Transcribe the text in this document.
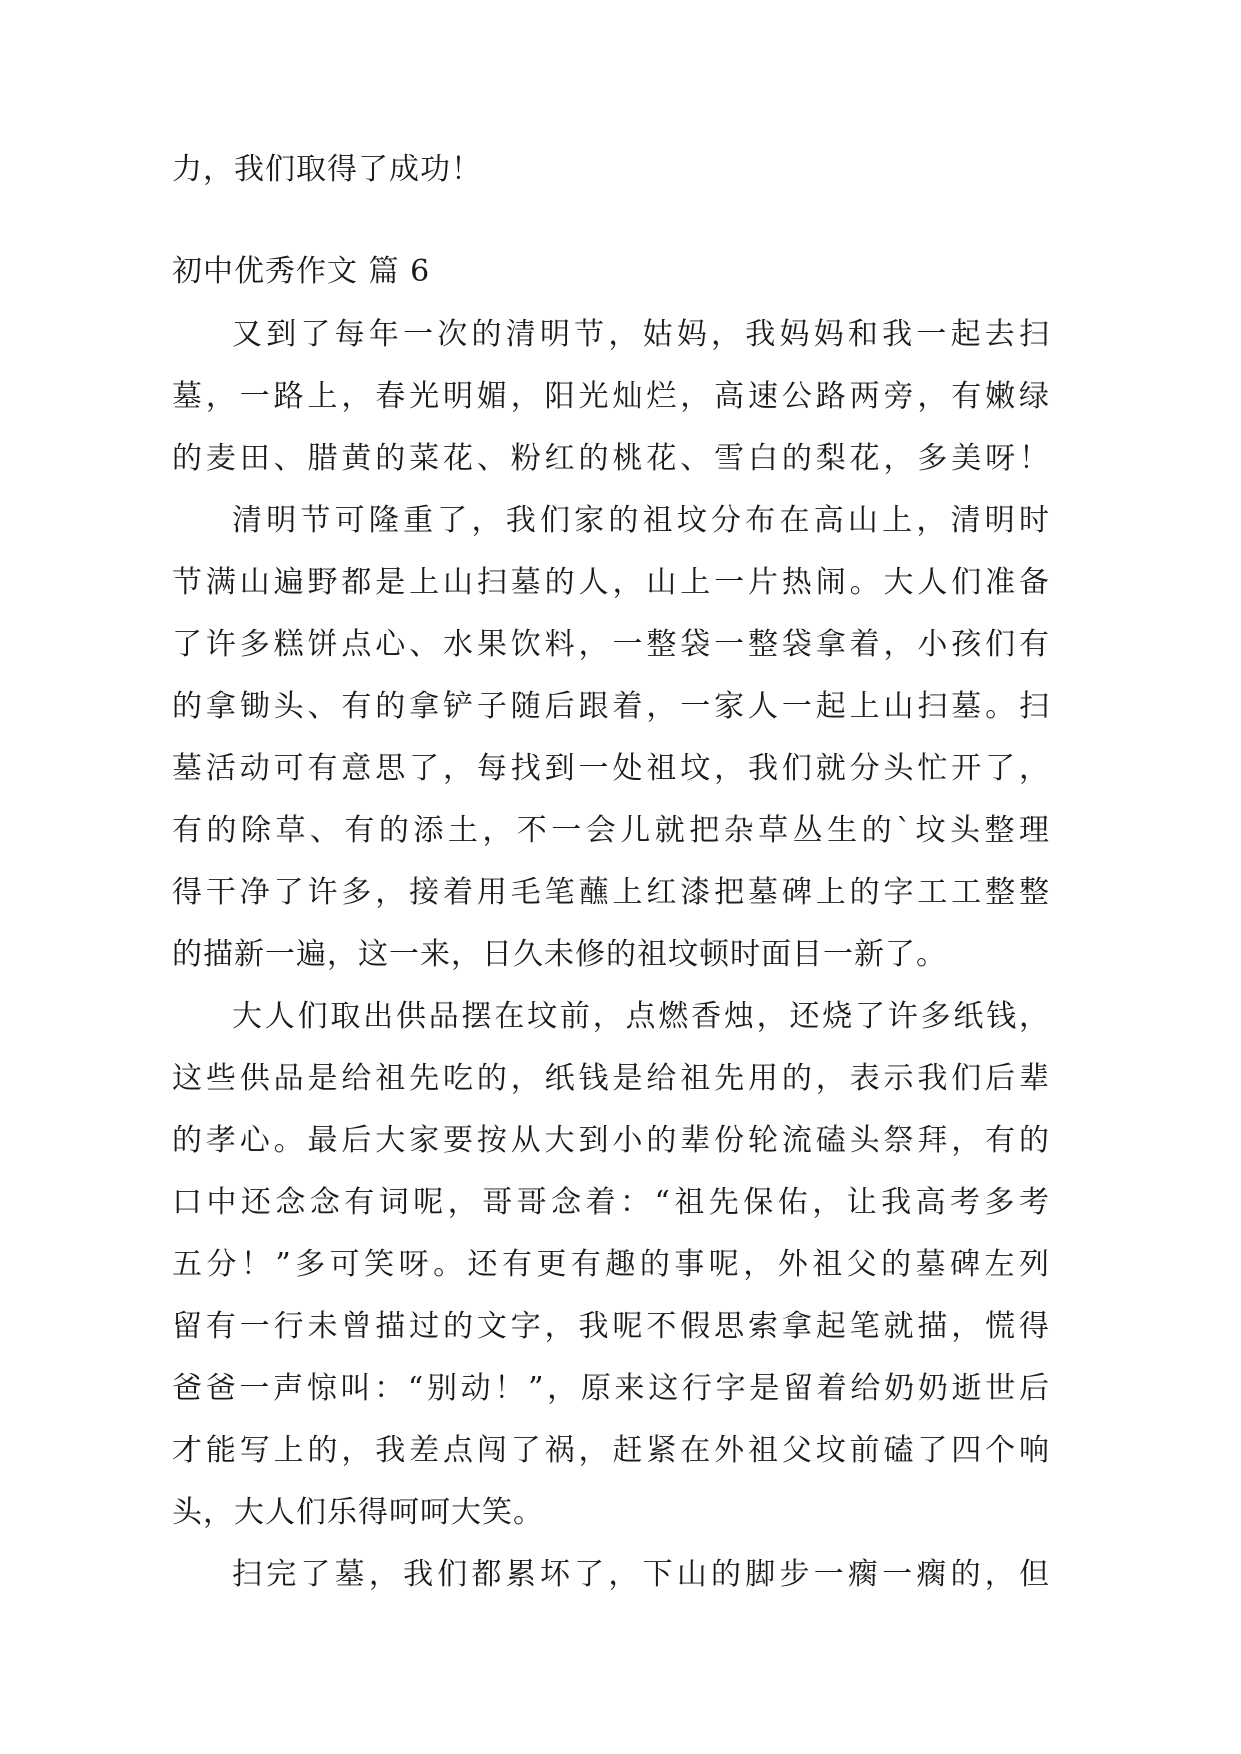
力，我们取得了成功！
初中优秀作文 篇 6
又到了每年一次的清明节，姑妈，我妈妈和我一起去扫
墓，一路上，春光明媚，阳光灿烂，高速公路两旁，有嫩绿
的麦田、腊黄的菜花、粉红的桃花、雪白的梨花，多美呀！
清明节可隆重了，我们家的祖坟分布在高山上，清明时
节满山遍野都是上山扫墓的人，山上一片热闹。大人们准备
了许多糕饼点心、水果饮料，一整袋一整袋拿着，小孩们有
的拿锄头、有的拿铲子随后跟着，一家人一起上山扫墓。扫
墓活动可有意思了，每找到一处祖坟，我们就分头忙开了，
有的除草、有的添土，不一会儿就把杂草丛生的`坟头整理
得干净了许多，接着用毛笔蘸上红漆把墓碑上的字工工整整
的描新一遍，这一来，日久未修的祖坟顿时面目一新了。
大人们取出供品摆在坟前，点燃香烛，还烧了许多纸钱，
这些供品是给祖先吃的，纸钱是给祖先用的，表示我们后辈
的孝心。最后大家要按从大到小的辈份轮流磕头祭拜，有的
口中还念念有词呢，哥哥念着：“祖先保佑，让我高考多考
五分！”多可笑呀。还有更有趣的事呢，外祖父的墓碑左列
留有一行未曾描过的文字，我呢不假思索拿起笔就描，慌得
爸爸一声惊叫：“别动！”，原来这行字是留着给奶奶逝世后
才能写上的，我差点闯了祸，赶紧在外祖父坟前磕了四个响
头，大人们乐得呵呵大笑。
扫完了墓，我们都累坏了，下山的脚步一瘸一瘸的，但
